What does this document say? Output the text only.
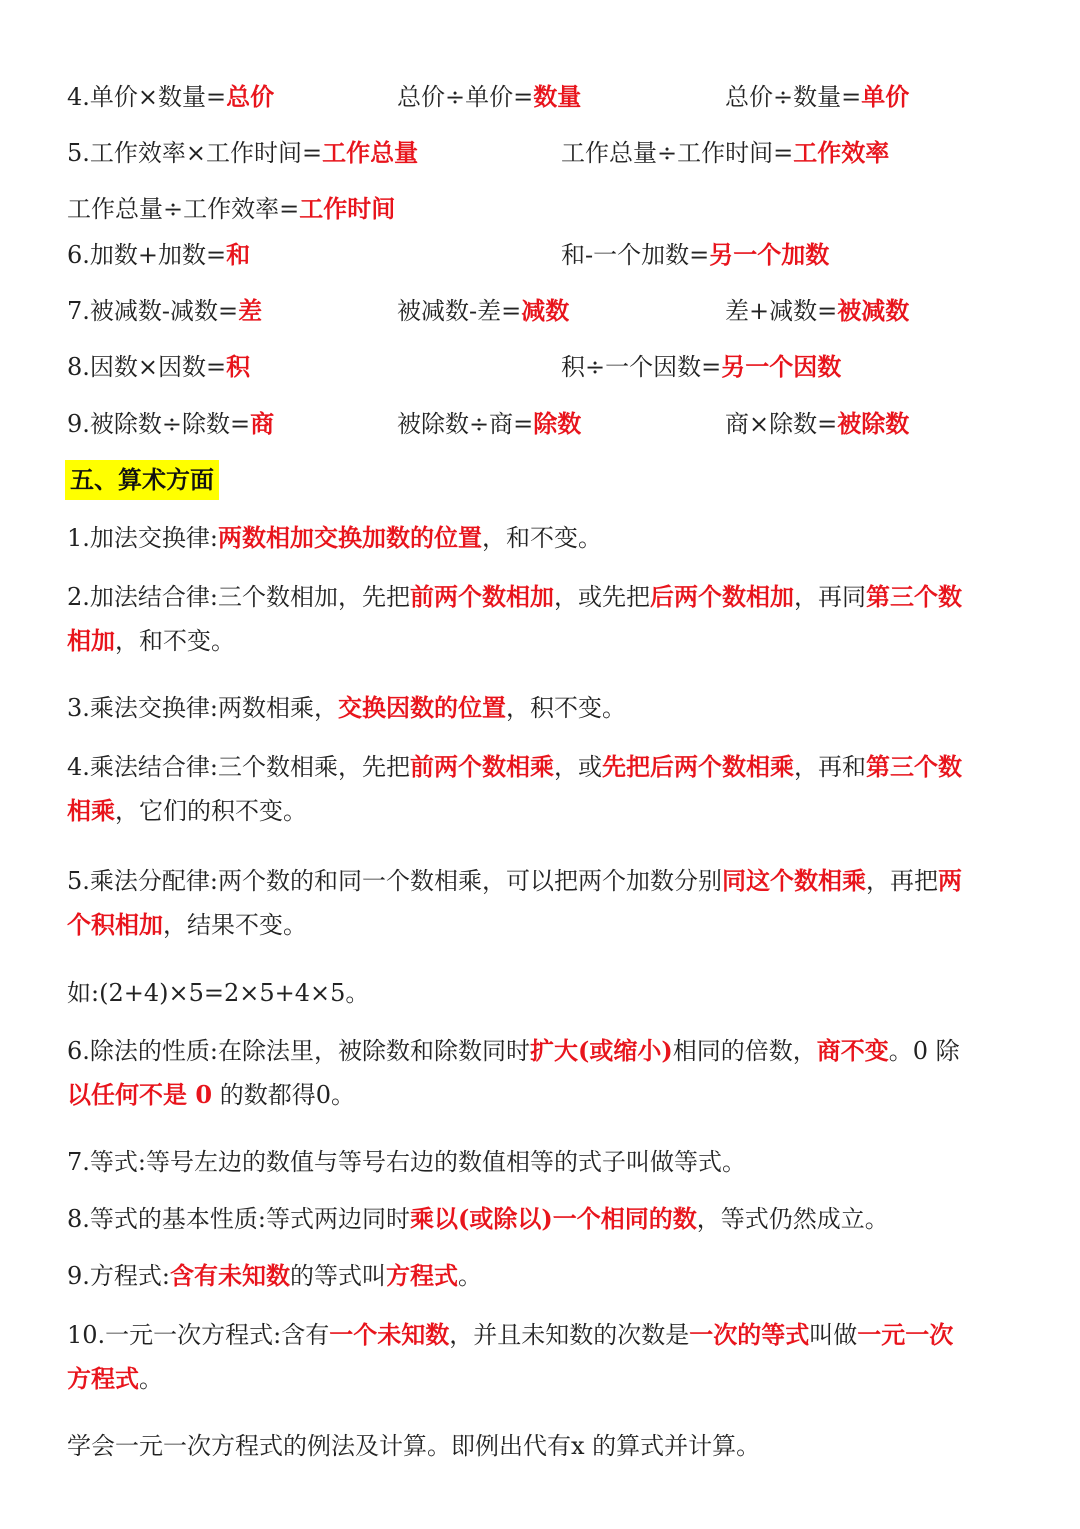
4.单价×数量=总价	总价÷单价=数量	总价÷数量=单价
5.工作效率×工作时间=工作总量	工作总量÷工作时间=工作效率
工作总量÷工作效率=工作时间
6.加数+加数=和	和-一个加数=另一个加数
7.被减数-减数=差	被减数-差=减数	差+减数=被减数
8.因数×因数=积	积÷一个因数=另一个因数
9.被除数÷除数=商	被除数÷商=除数	商×除数=被除数
五、算术方面
1.加法交换律:两数相加交换加数的位置，和不变。
2.加法结合律:三个数相加，先把前两个数相加，或先把后两个数相加，再同第三个数
相加，和不变。
3.乘法交换律:两数相乘，交换因数的位置，积不变。
4.乘法结合律:三个数相乘，先把前两个数相乘，或先把后两个数相乘，再和第三个数
相乘，它们的积不变。
5.乘法分配律:两个数的和同一个数相乘，可以把两个加数分别同这个数相乘，再把两
个积相加，结果不变。
如:(2+4)×5=2×5+4×5。
6.除法的性质:在除法里，被除数和除数同时扩大(或缩小)相同的倍数，商不变。0 除
以任何不是 0 的数都得0。
7.等式:等号左边的数值与等号右边的数值相等的式子叫做等式。
8.等式的基本性质:等式两边同时乘以(或除以)一个相同的数，等式仍然成立。
9.方程式:含有未知数的等式叫方程式。
10.一元一次方程式:含有一个未知数，并且未知数的次数是一次的等式叫做一元一次
方程式。
学会一元一次方程式的例法及计算。即例出代有x 的算式并计算。
